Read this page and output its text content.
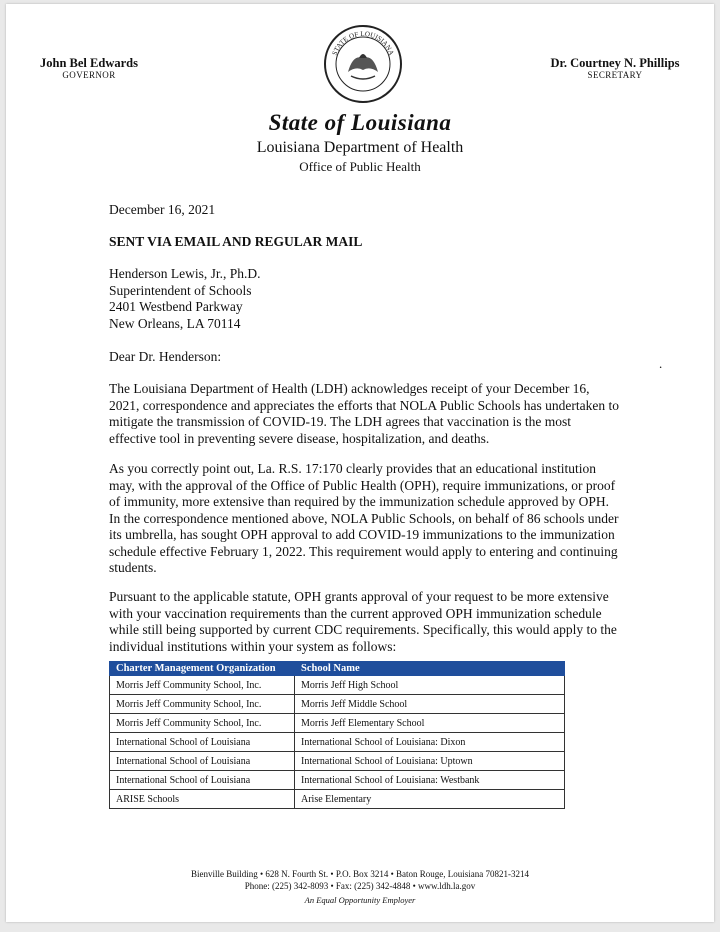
John Bel Edwards
GOVERNOR
STATE OF LOUISIANA
Dr. Courtney N. Phillips
SECRETARY
State of Louisiana
Louisiana Department of Health
Office of Public Health
December 16, 2021
SENT VIA EMAIL AND REGULAR MAIL
Henderson Lewis, Jr., Ph.D.
Superintendent of Schools
2401 Westbend Parkway
New Orleans, LA 70114
Dear Dr. Henderson:	.
The Louisiana Department of Health (LDH) acknowledges receipt of your December 16, 2021, correspondence and appreciates the efforts that NOLA Public Schools has undertaken to mitigate the transmission of COVID-19. The LDH agrees that vaccination is the most effective tool in preventing severe disease, hospitalization, and deaths.
As you correctly point out, La. R.S. 17:170 clearly provides that an educational institution may, with the approval of the Office of Public Health (OPH), require immunizations, or proof of immunity, more extensive than required by the immunization schedule approved by OPH. In the correspondence mentioned above, NOLA Public Schools, on behalf of 86 schools under its umbrella, has sought OPH approval to add COVID-19 immunizations to the immunization schedule effective February 1, 2022. This requirement would apply to entering and continuing students.
Pursuant to the applicable statute, OPH grants approval of your request to be more extensive with your vaccination requirements than the current approved OPH immunization schedule while still being supported by current CDC requirements. Specifically, this would apply to the individual institutions within your system as follows:
Charter Management Organization	School Name
Morris Jeff Community School, Inc.	Morris Jeff High School
Morris Jeff Community School, Inc.	Morris Jeff Middle School
Morris Jeff Community School, Inc.	Morris Jeff Elementary School
International School of Louisiana	International School of Louisiana: Dixon
International School of Louisiana	International School of Louisiana: Uptown
International School of Louisiana	International School of Louisiana: Westbank
ARISE Schools	Arise Elementary
Bienville Building • 628 N. Fourth St. • P.O. Box 3214 • Baton Rouge, Louisiana 70821-3214
Phone: (225) 342-8093 • Fax: (225) 342-4848 • www.ldh.la.gov
An Equal Opportunity Employer
